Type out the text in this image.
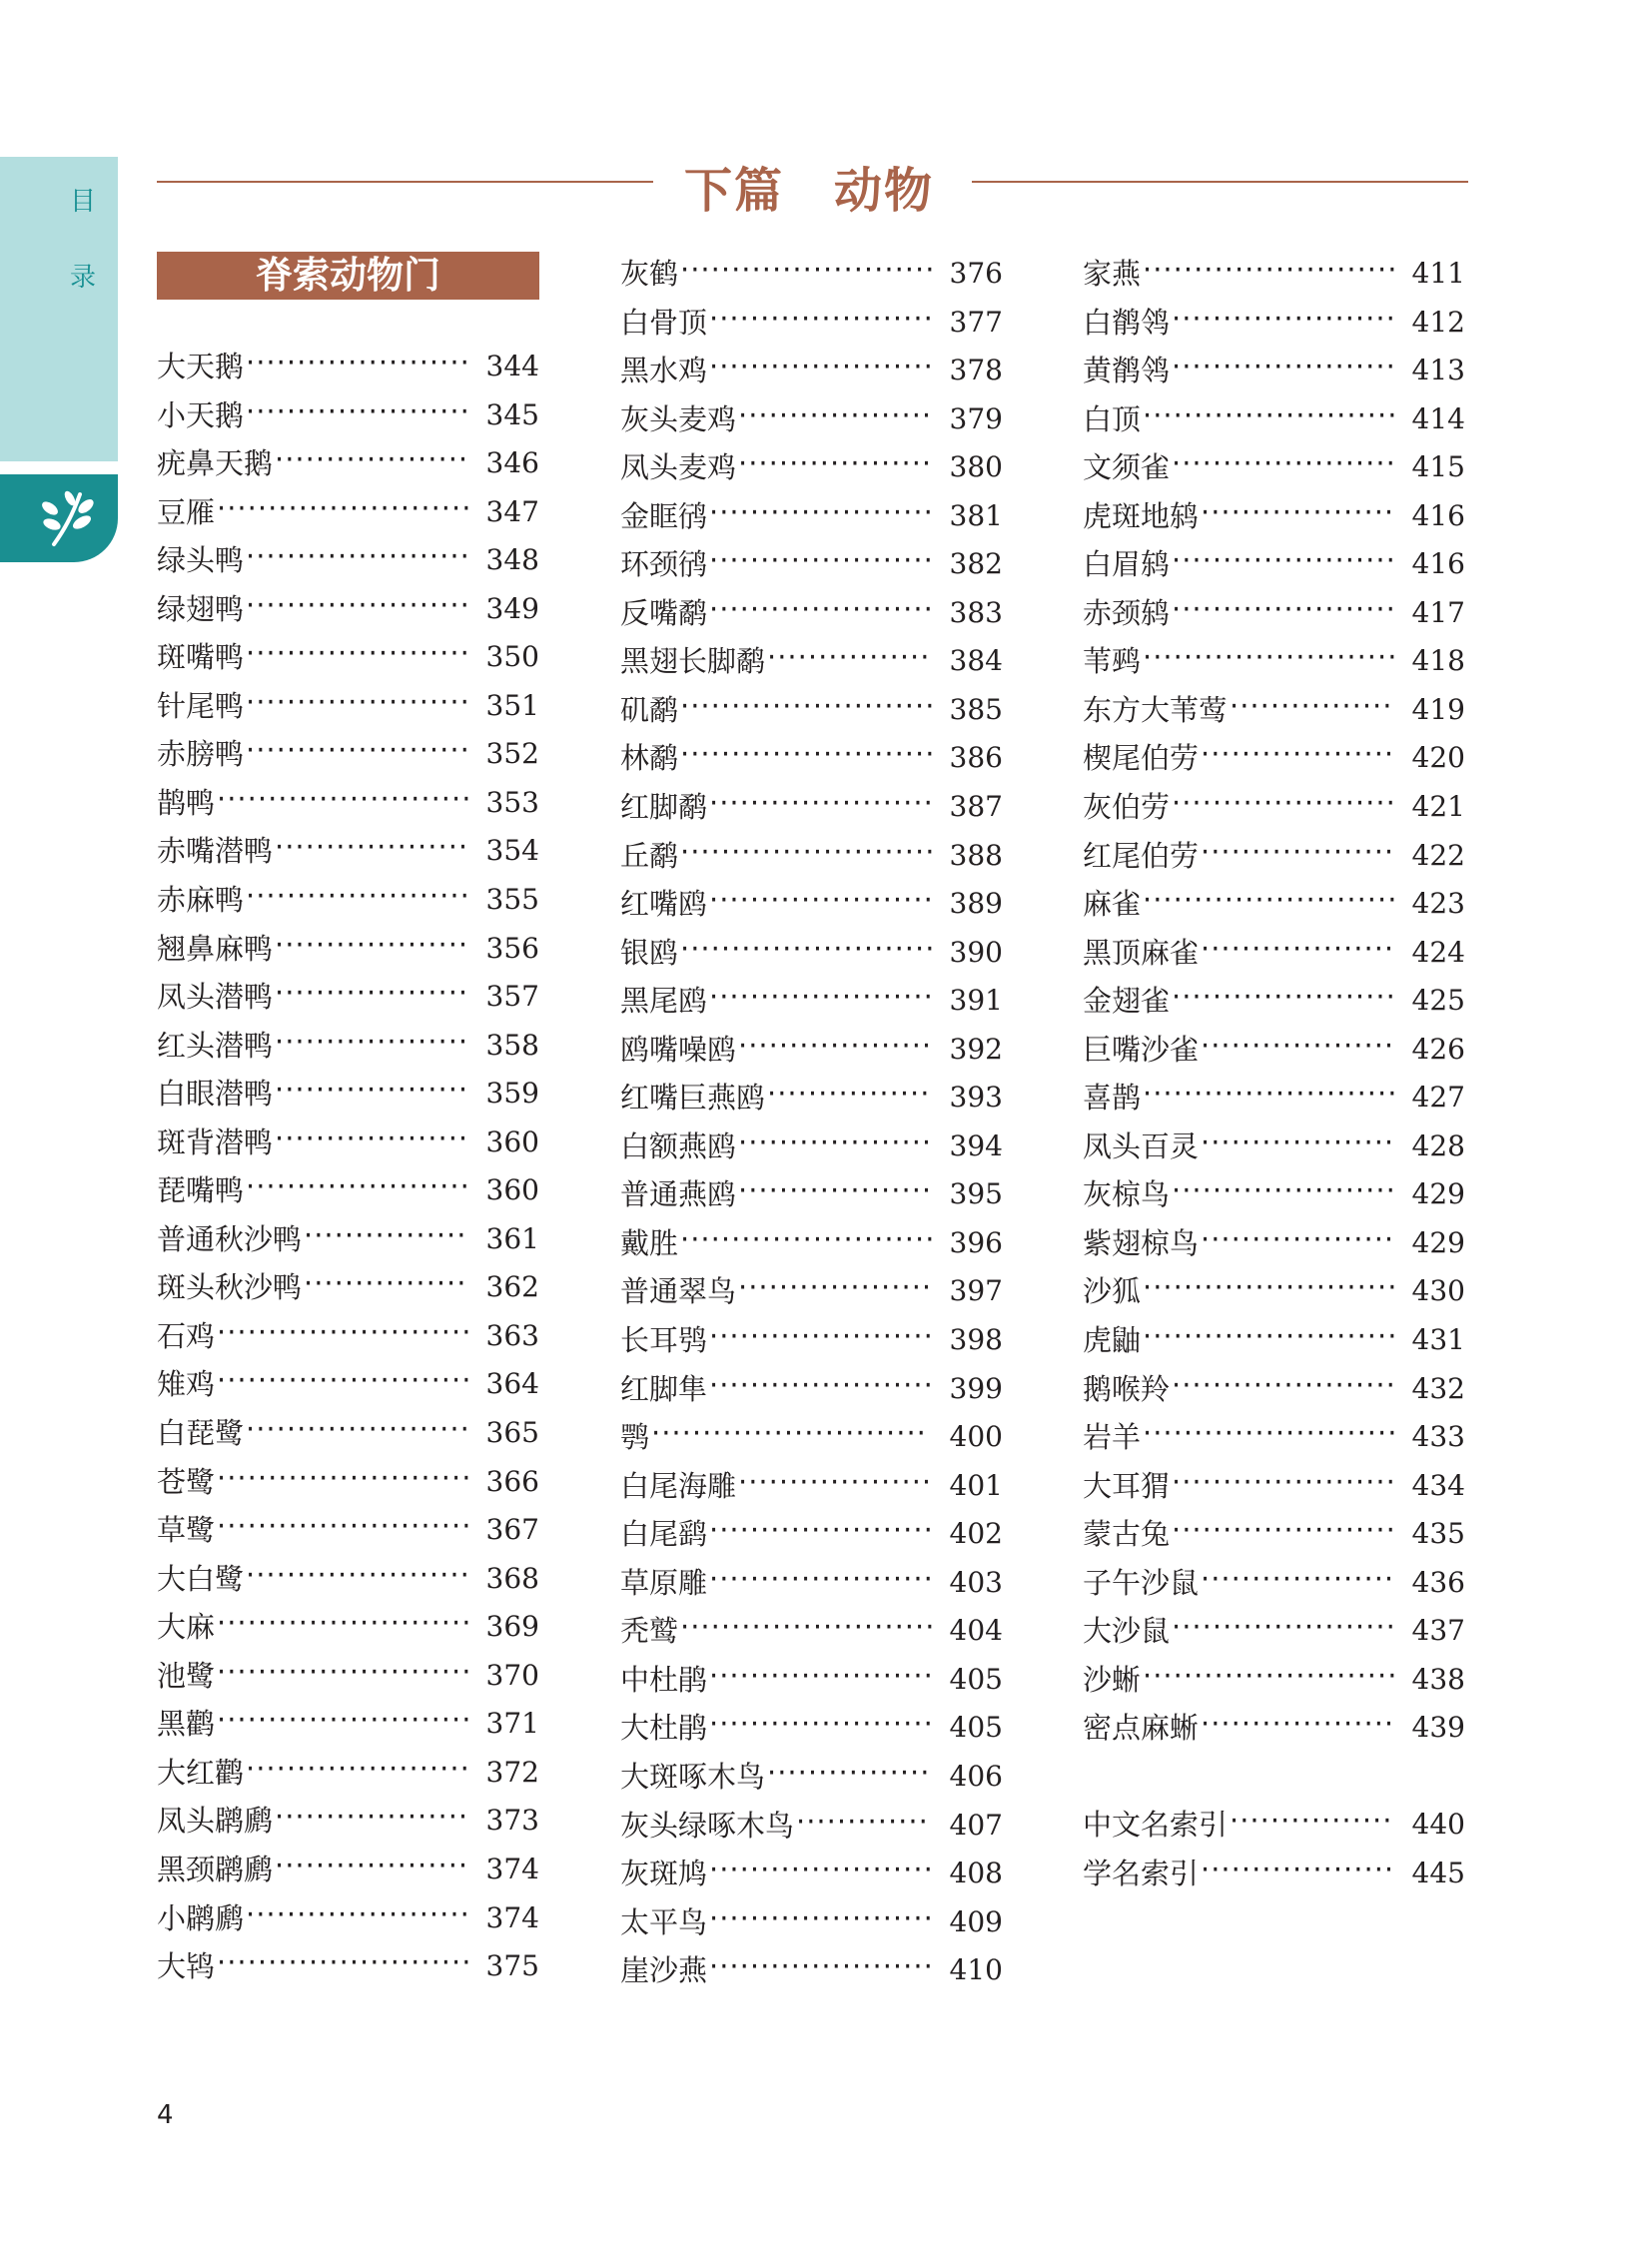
目
录
下篇　动物
脊索动物门
大天鹅 ······················ 344
小天鹅 ······················ 345
疣鼻天鹅 ··················· 346
豆雁 ························· 347
绿头鸭 ······················ 348
绿翅鸭 ······················ 349
斑嘴鸭 ······················ 350
针尾鸭 ······················ 351
赤膀鸭 ······················ 352
鹊鸭 ························· 353
赤嘴潜鸭 ··················· 354
赤麻鸭 ······················ 355
翘鼻麻鸭 ··················· 356
凤头潜鸭 ··················· 357
红头潜鸭 ··················· 358
白眼潜鸭 ··················· 359
斑背潜鸭 ··················· 360
琵嘴鸭 ······················ 360
普通秋沙鸭 ················ 361
斑头秋沙鸭 ················ 362
石鸡 ························· 363
雉鸡 ························· 364
白琵鹭 ······················ 365
苍鹭 ························· 366
草鹭 ························· 367
大白鹭 ······················ 368
大麻 ························· 369
池鹭 ························· 370
黑鹳 ························· 371
大红鹳 ······················ 372
凤头䴙䴘 ··················· 373
黑颈䴙䴘 ··················· 374
小䴙䴘 ······················ 374
大鸨 ························· 375
灰鹤 ························· 376
白骨顶 ······················ 377
黑水鸡 ······················ 378
灰头麦鸡 ··················· 379
凤头麦鸡 ··················· 380
金眶鸻 ······················ 381
环颈鸻 ······················ 382
反嘴鹬 ······················ 383
黑翅长脚鹬 ················ 384
矶鹬 ························· 385
林鹬 ························· 386
红脚鹬 ······················ 387
丘鹬 ························· 388
红嘴鸥 ······················ 389
银鸥 ························· 390
黑尾鸥 ······················ 391
鸥嘴噪鸥 ··················· 392
红嘴巨燕鸥 ················ 393
白额燕鸥 ··················· 394
普通燕鸥 ··················· 395
戴胜 ························· 396
普通翠鸟 ··················· 397
长耳鸮 ······················ 398
红脚隼 ······················ 399
鹗 ··························· 400
白尾海雕 ··················· 401
白尾鹞 ······················ 402
草原雕 ······················ 403
秃鹫 ························· 404
中杜鹃 ······················ 405
大杜鹃 ······················ 405
大斑啄木鸟 ················ 406
灰头绿啄木鸟 ············· 407
灰斑鸠 ······················ 408
太平鸟 ······················ 409
崖沙燕 ······················ 410
家燕 ························· 411
白鹡鸰 ······················ 412
黄鹡鸰 ······················ 413
白顶 ························· 414
文须雀 ······················ 415
虎斑地鸫 ··················· 416
白眉鸫 ······················ 416
赤颈鸫 ······················ 417
苇鹀 ························· 418
东方大苇莺 ················ 419
楔尾伯劳 ··················· 420
灰伯劳 ······················ 421
红尾伯劳 ··················· 422
麻雀 ························· 423
黑顶麻雀 ··················· 424
金翅雀 ······················ 425
巨嘴沙雀 ··················· 426
喜鹊 ························· 427
凤头百灵 ··················· 428
灰椋鸟 ······················ 429
紫翅椋鸟 ··················· 429
沙狐 ························· 430
虎鼬 ························· 431
鹅喉羚 ······················ 432
岩羊 ························· 433
大耳猬 ······················ 434
蒙古兔 ······················ 435
子午沙鼠 ··················· 436
大沙鼠 ······················ 437
沙蜥 ························· 438
密点麻蜥 ··················· 439
中文名索引 ················ 440
学名索引 ··················· 445
4
